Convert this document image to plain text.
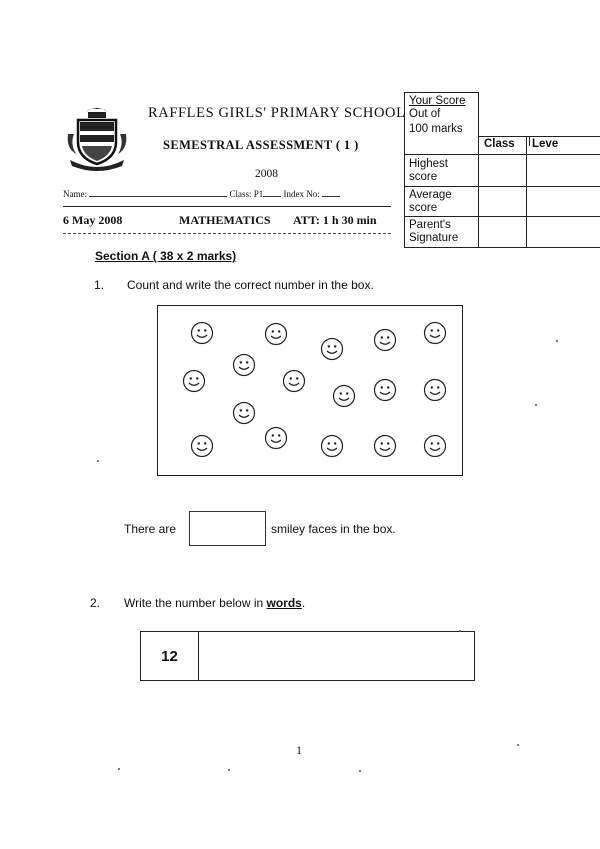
RAFFLES GIRLS' PRIMARY SCHOOL
SEMESTRAL ASSESSMENT ( 1 )
2008
Name:	Class: P1 Index No:
6 May 2008	MATHEMATICS ATT: 1 h 30 min
Your Score
Out of
100 marks
Class Leve
Highest score
Average score
Parent's Signature
Section A ( 38 x 2 marks)
1. Count and write the correct number in the box.
There are	smiley faces in the box.
2. Write the number below in words.
12
1
